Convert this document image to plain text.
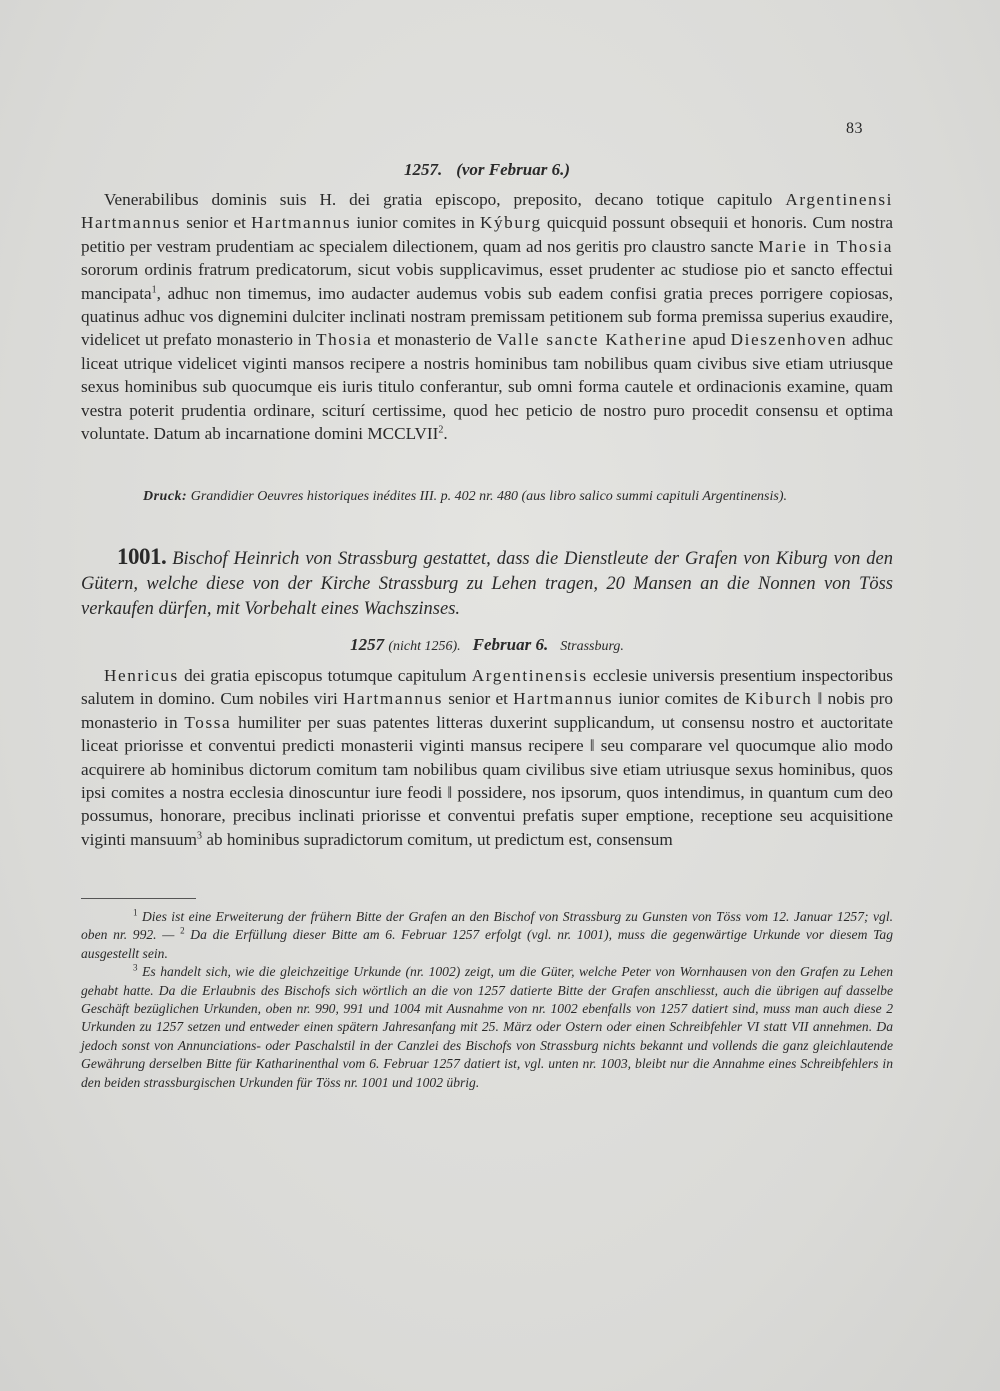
83
1257. (vor Februar 6.)

Venerabilibus dominis suis H. dei gratia episcopo, preposito, decano totique capitulo Argentinensi Hartmannus senior et Hartmannus iunior comites in Kýburg quicquid possunt obsequii et honoris. Cum nostra petitio per vestram prudentiam ac specialem dilectionem, quam ad nos geritis pro claustro sancte Marie in Thosia sororum ordinis fratrum predicatorum, sicut vobis supplicavimus, esset prudenter ac studiose pio et sancto effectui mancipata$^1$, adhuc non timemus, imo audacter audemus vobis sub eadem confisi gratia preces porrigere copiosas, quatinus adhuc vos dignemini dulciter inclinati nostram premissam petitionem sub forma premissa superius exaudire, videlicet ut prefato monasterio in Thosia et monasterio de Valle sancte Katherine apud Dieszenhoven adhuc liceat utrique videlicet viginti mansos recipere a nostris hominibus tam nobilibus quam civibus sive etiam utriusque sexus hominibus sub quocumque eis iuris titulo conferantur, sub omni forma cautele et ordinacionis examine, quam vestra poterit prudentia ordinare, sciturí certissime, quod hec peticio de nostro puro procedit consensu et optima voluntate. Datum ab incarnatione domini MCCLVII$^2$.

Druck: Grandidier Oeuvres historiques inédites III. p. 402 nr. 480 (aus libro salico summi capituli Argentinensis).
1001. Bischof Heinrich von Strassburg gestattet, dass die Dienstleute der Grafen von Kiburg von den Gütern, welche diese von der Kirche Strassburg zu Lehen tragen, 20 Mansen an die Nonnen von Töss verkaufen dürfen, mit Vorbehalt eines Wachszinses.
1257 (nicht 1256). Februar 6. Strassburg.

Henricus dei gratia episcopus totumque capitulum Argentinensis ecclesie universis presentium inspectoribus salutem in domino. Cum nobiles viri Hartmannus senior et Hartmannus iunior comites de Kiburch ‖ nobis pro monasterio in Tossa humiliter per suas patentes litteras duxerint supplicandum, ut consensu nostro et auctoritate liceat priorisse et conventui predicti monasterii viginti mansus recipere ‖ seu comparare vel quocumque alio modo acquirere ab hominibus dictorum comitum tam nobilibus quam civilibus sive etiam utriusque sexus hominibus, quos ipsi comites a nostra ecclesia dinoscuntur iure feodi ‖ possidere, nos ipsorum, quos intendimus, in quantum cum deo possumus, honorare, precibus inclinati priorisse et conventui prefatis super emptione, receptione seu acquisitione viginti mansuum$^3$ ab hominibus supradictorum comitum, ut predictum est, consensum

$^1$ Dies ist eine Erweiterung der frühern Bitte der Grafen an den Bischof von Strassburg zu Gunsten von Töss vom 12. Januar 1257; vgl. oben nr. 992. — $^2$ Da die Erfüllung dieser Bitte am 6. Februar 1257 erfolgt (vgl. nr. 1001), muss die gegenwärtige Urkunde vor diesem Tag ausgestellt sein.

$^3$ Es handelt sich, wie die gleichzeitige Urkunde (nr. 1002) zeigt, um die Güter, welche Peter von Wornhausen von den Grafen zu Lehen gehabt hatte. Da die Erlaubnis des Bischofs sich wörtlich an die von 1257 datierte Bitte der Grafen anschliesst, auch die übrigen auf dasselbe Geschäft bezüglichen Urkunden, oben nr. 990, 991 und 1004 mit Ausnahme von nr. 1002 ebenfalls von 1257 datiert sind, muss man auch diese 2 Urkunden zu 1257 setzen und entweder einen spätern Jahresanfang mit 25. März oder Ostern oder einen Schreibfehler VI statt VII annehmen. Da jedoch sonst von Annunciations- oder Paschalstil in der Canzlei des Bischofs von Strassburg nichts bekannt und vollends die ganz gleichlautende Gewährung derselben Bitte für Katharinenthal vom 6. Februar 1257 datiert ist, vgl. unten nr. 1003, bleibt nur die Annahme eines Schreibfehlers in den beiden strassburgischen Urkunden für Töss nr. 1001 und 1002 übrig.
